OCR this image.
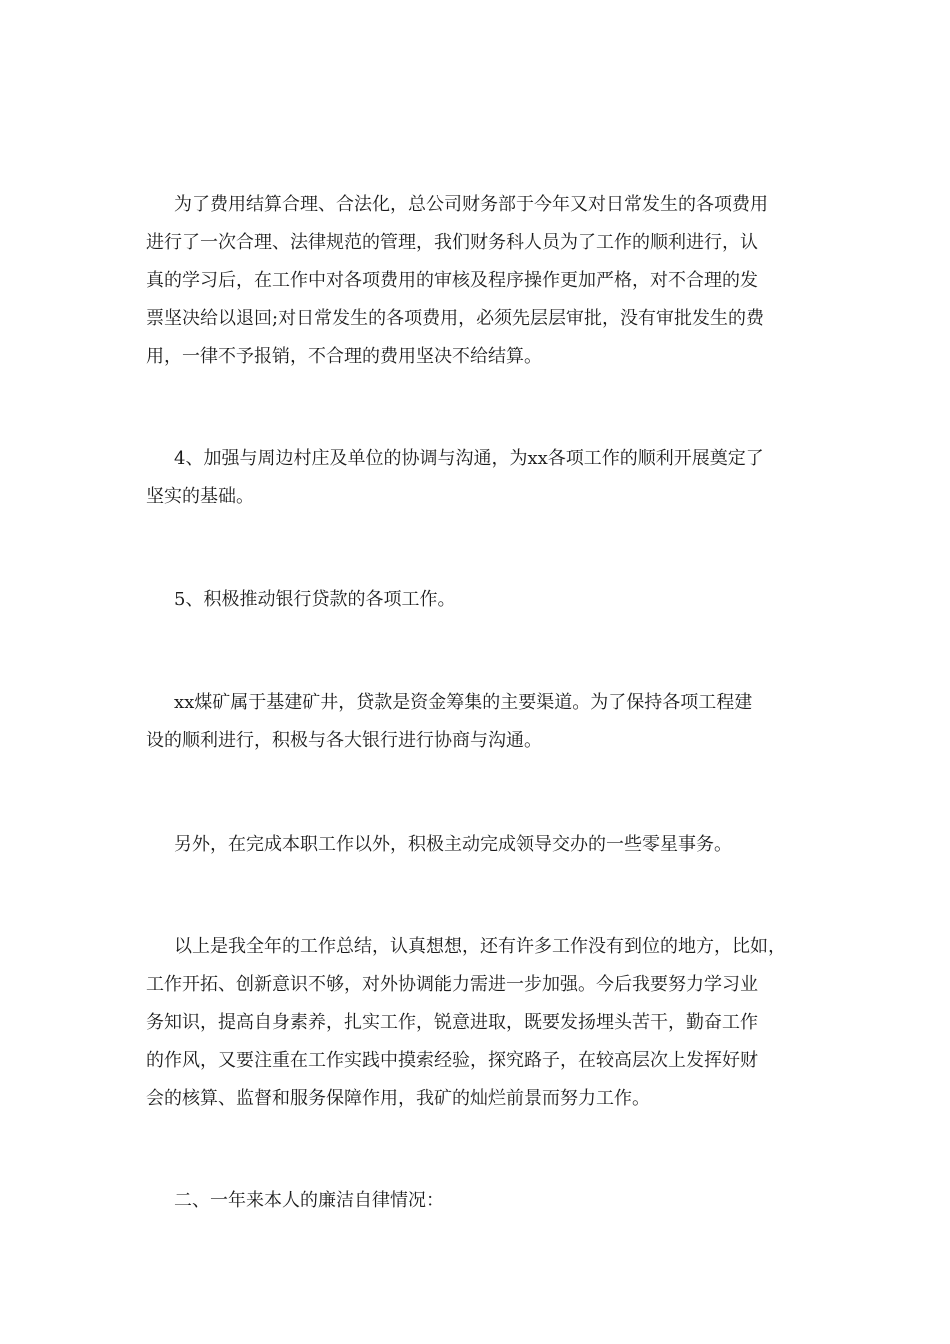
为了费用结算合理、合法化，总公司财务部于今年又对日常发生的各项费用
进行了一次合理、法律规范的管理，我们财务科人员为了工作的顺利进行，认
真的学习后，在工作中对各项费用的审核及程序操作更加严格，对不合理的发
票坚决给以退回;对日常发生的各项费用，必须先层层审批，没有审批发生的费
用，一律不予报销，不合理的费用坚决不给结算。
4、加强与周边村庄及单位的协调与沟通，为xx各项工作的顺利开展奠定了
坚实的基础。
5、积极推动银行贷款的各项工作。
xx煤矿属于基建矿井，贷款是资金筹集的主要渠道。为了保持各项工程建
设的顺利进行，积极与各大银行进行协商与沟通。
另外，在完成本职工作以外，积极主动完成领导交办的一些零星事务。
以上是我全年的工作总结，认真想想，还有许多工作没有到位的地方，比如，
工作开拓、创新意识不够，对外协调能力需进一步加强。今后我要努力学习业
务知识，提高自身素养，扎实工作，锐意进取，既要发扬埋头苦干，勤奋工作
的作风，又要注重在工作实践中摸索经验，探究路子，在较高层次上发挥好财
会的核算、监督和服务保障作用，我矿的灿烂前景而努力工作。
二、一年来本人的廉洁自律情况：
